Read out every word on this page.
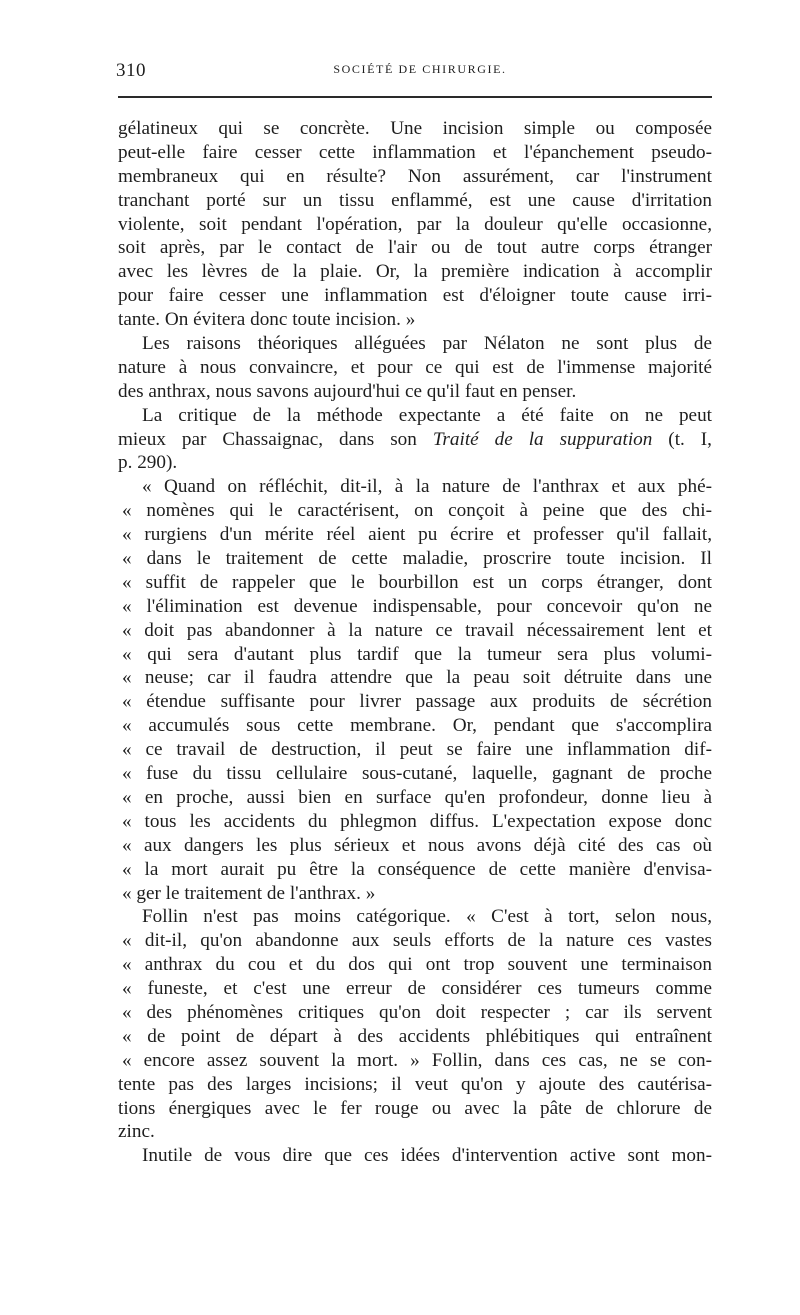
310	SOCIÉTÉ DE CHIRURGIE.
gélatineux qui se concrète. Une incision simple ou composée
peut-elle faire cesser cette inflammation et l'épanchement pseudo-
membraneux qui en résulte? Non assurément, car l'instrument
tranchant porté sur un tissu enflammé, est une cause d'irritation
violente, soit pendant l'opération, par la douleur qu'elle occasionne,
soit après, par le contact de l'air ou de tout autre corps étranger
avec les lèvres de la plaie. Or, la première indication à accomplir
pour faire cesser une inflammation est d'éloigner toute cause irri-
tante. On évitera donc toute incision. »
Les raisons théoriques alléguées par Nélaton ne sont plus de
nature à nous convaincre, et pour ce qui est de l'immense majorité
des anthrax, nous savons aujourd'hui ce qu'il faut en penser.
La critique de la méthode expectante a été faite on ne peut
mieux par Chassaignac, dans son Traité de la suppuration (t. I,
p. 290).
« Quand on réfléchit, dit-il, à la nature de l'anthrax et aux phé-
« nomènes qui le caractérisent, on conçoit à peine que des chi-
« rurgiens d'un mérite réel aient pu écrire et professer qu'il fallait,
« dans le traitement de cette maladie, proscrire toute incision. Il
« suffit de rappeler que le bourbillon est un corps étranger, dont
« l'élimination est devenue indispensable, pour concevoir qu'on ne
« doit pas abandonner à la nature ce travail nécessairement lent et
« qui sera d'autant plus tardif que la tumeur sera plus volumi-
« neuse; car il faudra attendre que la peau soit détruite dans une
« étendue suffisante pour livrer passage aux produits de sécrétion
« accumulés sous cette membrane. Or, pendant que s'accomplira
« ce travail de destruction, il peut se faire une inflammation dif-
« fuse du tissu cellulaire sous-cutané, laquelle, gagnant de proche
« en proche, aussi bien en surface qu'en profondeur, donne lieu à
« tous les accidents du phlegmon diffus. L'expectation expose donc
« aux dangers les plus sérieux et nous avons déjà cité des cas où
« la mort aurait pu être la conséquence de cette manière d'envisa-
« ger le traitement de l'anthrax. »
Follin n'est pas moins catégorique. « C'est à tort, selon nous,
« dit-il, qu'on abandonne aux seuls efforts de la nature ces vastes
« anthrax du cou et du dos qui ont trop souvent une terminaison
« funeste, et c'est une erreur de considérer ces tumeurs comme
« des phénomènes critiques qu'on doit respecter ; car ils servent
« de point de départ à des accidents phlébitiques qui entraînent
« encore assez souvent la mort. » Follin, dans ces cas, ne se con-
tente pas des larges incisions; il veut qu'on y ajoute des cautérisa-
tions énergiques avec le fer rouge ou avec la pâte de chlorure de
zinc.
Inutile de vous dire que ces idées d'intervention active sont mon-
